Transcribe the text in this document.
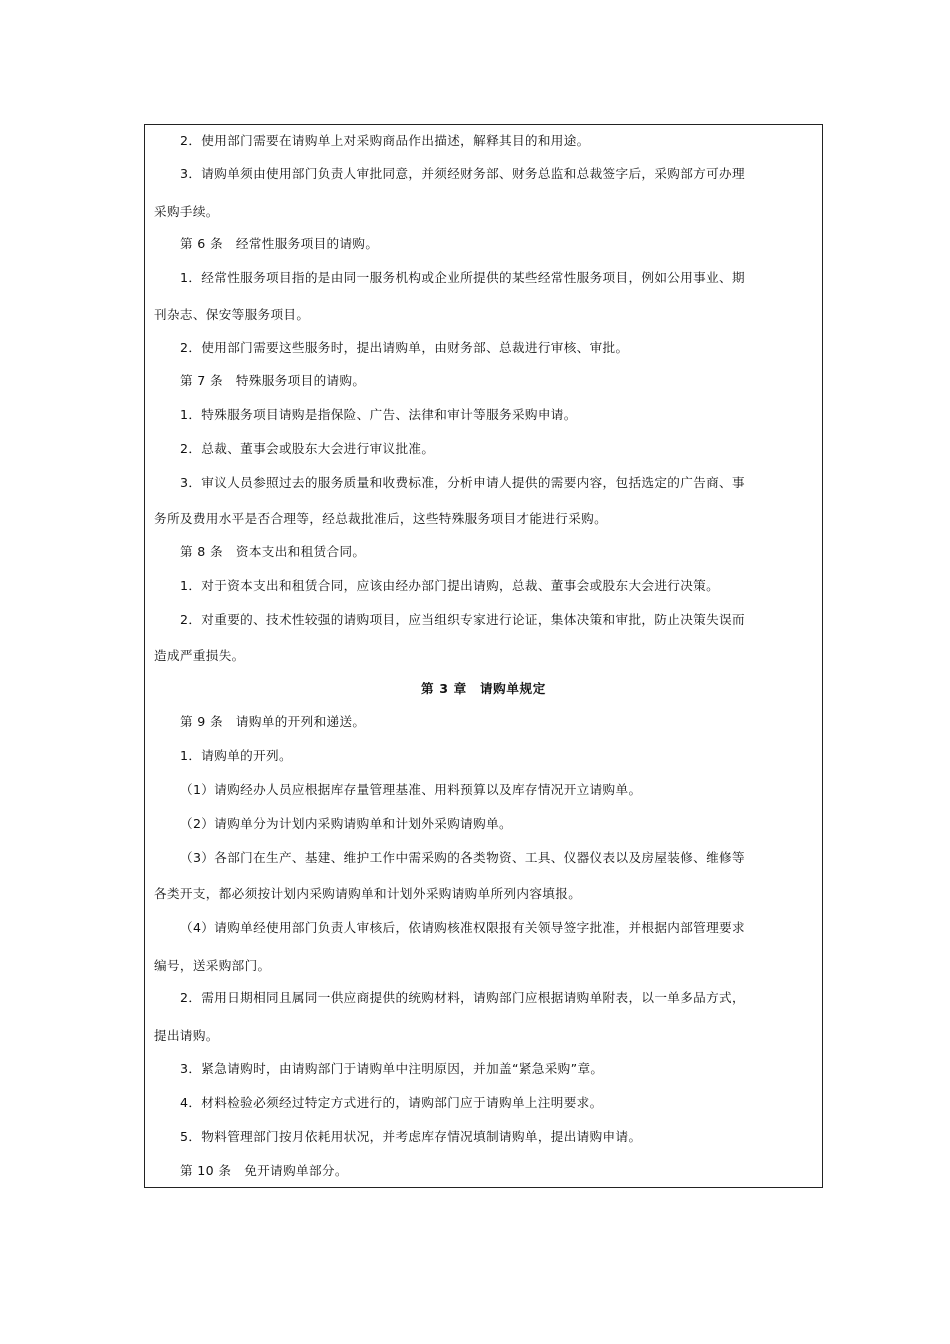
2．使用部门需要在请购单上对采购商品作出描述，解释其目的和用途。
3．请购单须由使用部门负责人审批同意，并须经财务部、财务总监和总裁签字后，采购部方可办理
采购手续。
第 6 条　经常性服务项目的请购。
1．经常性服务项目指的是由同一服务机构或企业所提供的某些经常性服务项目，例如公用事业、期
刊杂志、保安等服务项目。
2．使用部门需要这些服务时，提出请购单，由财务部、总裁进行审核、审批。
第 7 条　特殊服务项目的请购。
1．特殊服务项目请购是指保险、广告、法律和审计等服务采购申请。
2．总裁、董事会或股东大会进行审议批准。
3．审议人员参照过去的服务质量和收费标准，分析申请人提供的需要内容，包括选定的广告商、事
务所及费用水平是否合理等，经总裁批准后，这些特殊服务项目才能进行采购。
第 8 条　资本支出和租赁合同。
1．对于资本支出和租赁合同，应该由经办部门提出请购，总裁、董事会或股东大会进行决策。
2．对重要的、技术性较强的请购项目，应当组织专家进行论证，集体决策和审批，防止决策失误而
造成严重损失。
第 3 章　请购单规定
第 9 条　请购单的开列和递送。
1．请购单的开列。
（1）请购经办人员应根据库存量管理基准、用料预算以及库存情况开立请购单。
（2）请购单分为计划内采购请购单和计划外采购请购单。
（3）各部门在生产、基建、维护工作中需采购的各类物资、工具、仪器仪表以及房屋装修、维修等
各类开支，都必须按计划内采购请购单和计划外采购请购单所列内容填报。
（4）请购单经使用部门负责人审核后，依请购核准权限报有关领导签字批准，并根据内部管理要求
编号，送采购部门。
2．需用日期相同且属同一供应商提供的统购材料，请购部门应根据请购单附表，以一单多品方式，
提出请购。
3．紧急请购时，由请购部门于请购单中注明原因，并加盖“紧急采购”章。
4．材料检验必须经过特定方式进行的，请购部门应于请购单上注明要求。
5．物料管理部门按月依耗用状况，并考虑库存情况填制请购单，提出请购申请。
第 10 条　免开请购单部分。
